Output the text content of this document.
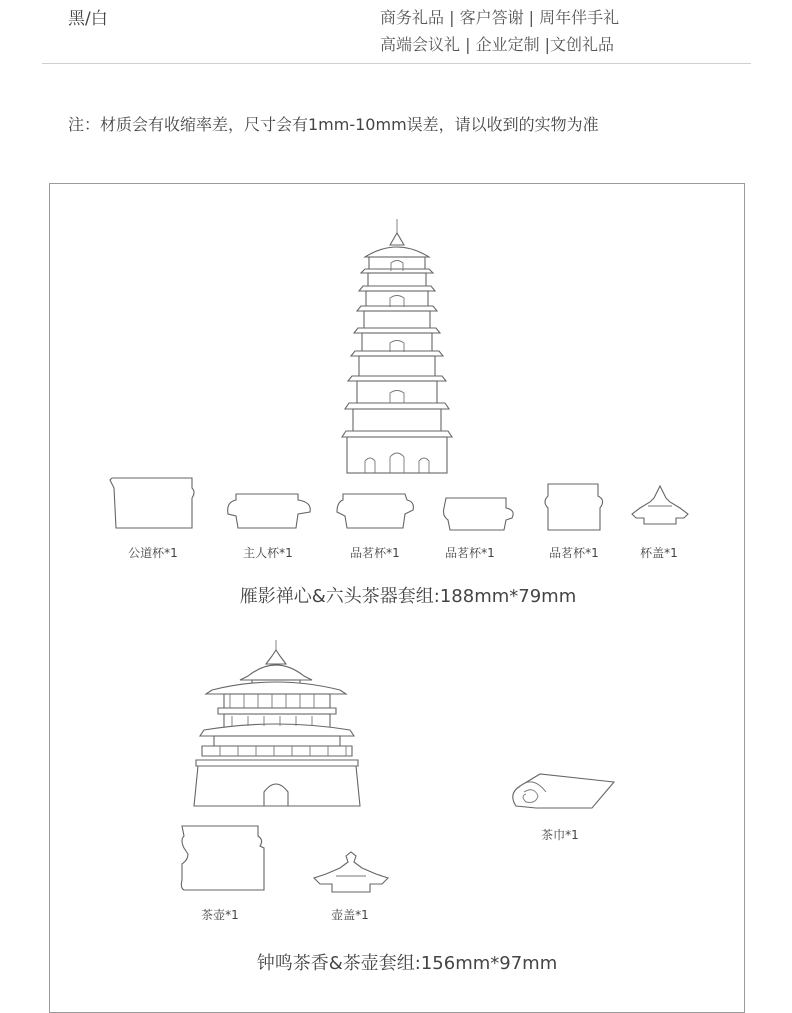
黑/白	商务礼品 | 客户答谢 | 周年伴手礼
高端会议礼 | 企业定制 |文创礼品
注：材质会有收缩率差，尺寸会有1mm-10mm误差，请以收到的实物为准
公道杯*1	主人杯*1	品茗杯*1	品茗杯*1	品茗杯*1	杯盖*1
雁影禅心&六头茶器套组:188mm*79mm
茶巾*1
茶壶*1	壶盖*1
钟鸣茶香&茶壶套组:156mm*97mm
